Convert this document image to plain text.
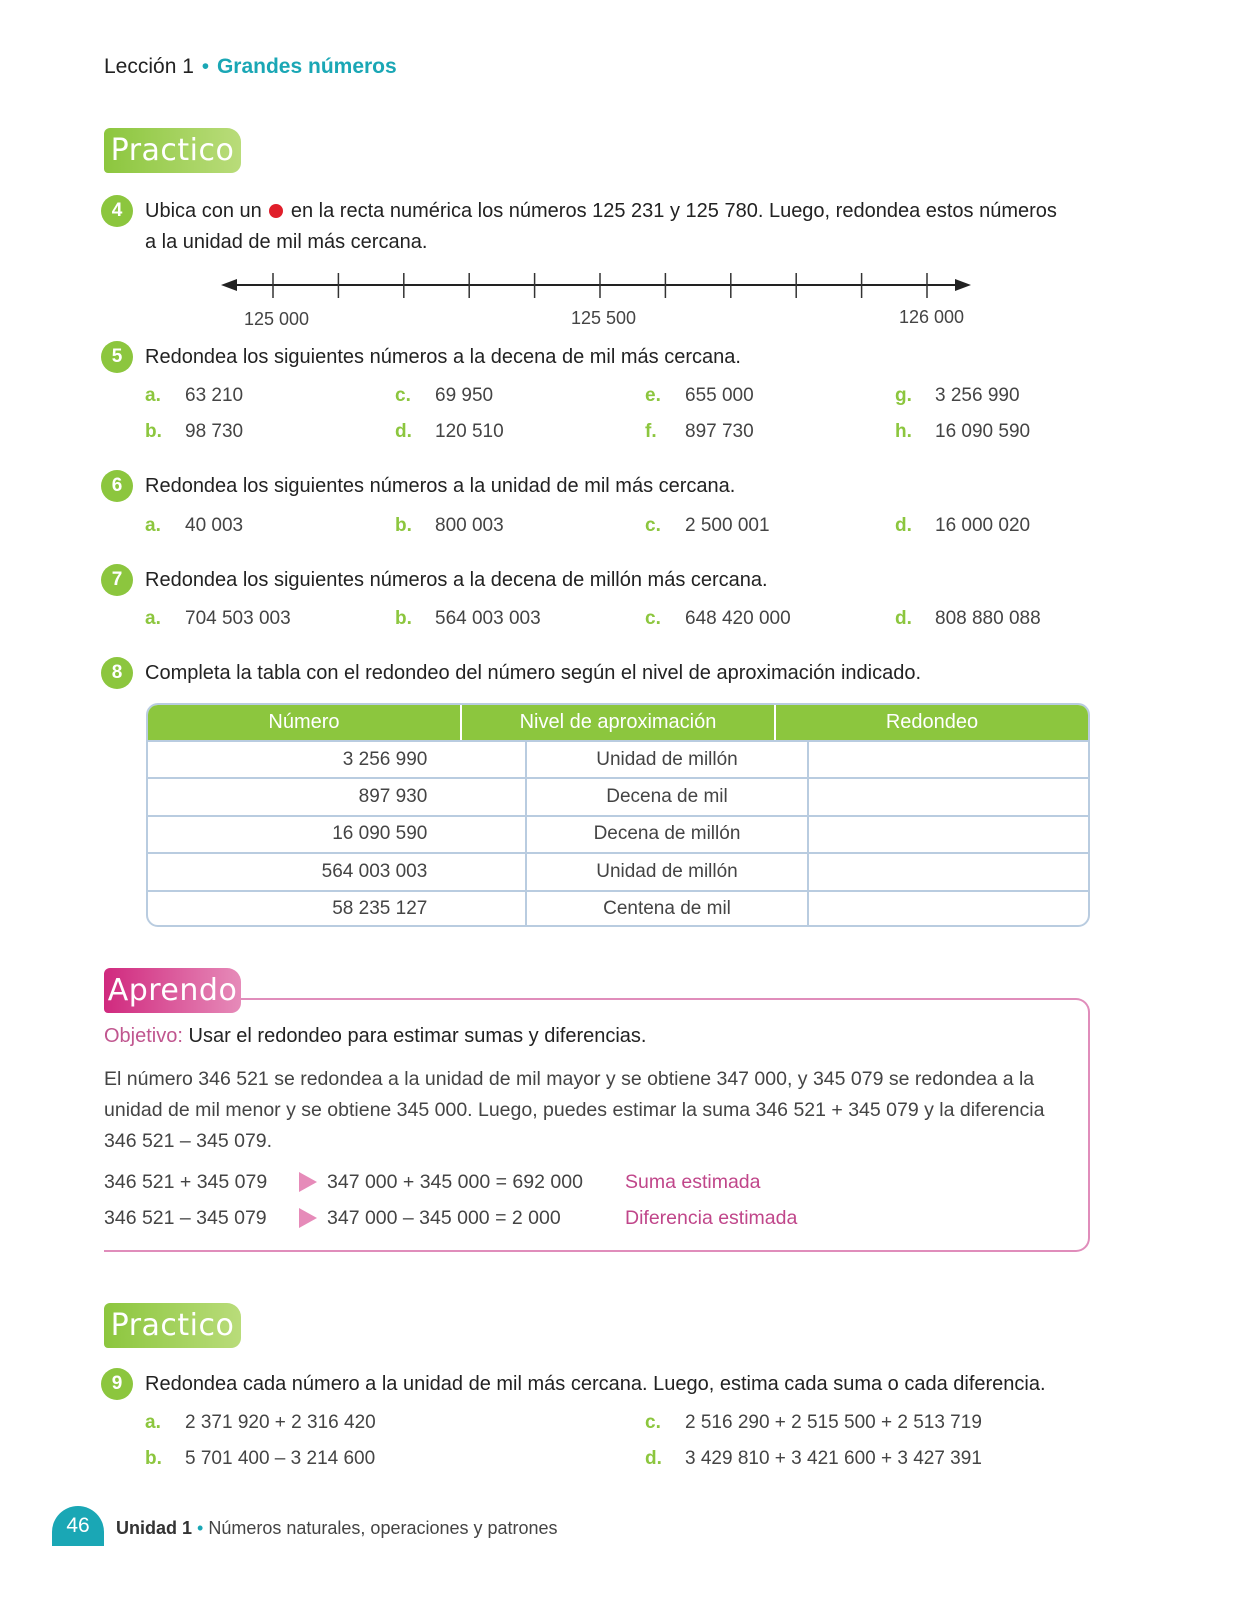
Lección 1 • Grandes números
Practico
4	Ubica con un en la recta numérica los números 125 231 y 125 780. Luego, redondea estos números
a la unidad de mil más cercana.
125 000	125 500	126 000
5	Redondea los siguientes números a la decena de mil más cercana.
a. 63 210	c. 69 950	e. 655 000	g. 3 256 990
b. 98 730	d. 120 510	f. 897 730	h. 16 090 590
6	Redondea los siguientes números a la unidad de mil más cercana.
a. 40 003	b. 800 003	c. 2 500 001	d. 16 000 020
7	Redondea los siguientes números a la decena de millón más cercana.
a. 704 503 003	b. 564 003 003	c. 648 420 000	d. 808 880 088
8	Completa la tabla con el redondeo del número según el nivel de aproximación indicado.
Número	Nivel de aproximación	Redondeo
3 256 990	Unidad de millón
897 930	Decena de mil
16 090 590	Decena de millón
564 003 003	Unidad de millón
58 235 127	Centena de mil
Aprendo
Objetivo: Usar el redondeo para estimar sumas y diferencias.
El número 346 521 se redondea a la unidad de mil mayor y se obtiene 347 000, y 345 079 se redondea a la unidad de mil menor y se obtiene 345 000. Luego, puedes estimar la suma 346 521 + 345 079 y la diferencia 346 521 – 345 079.
346 521 + 345 079	347 000 + 345 000 = 692 000 Suma estimada
346 521 – 345 079	347 000 – 345 000 = 2 000	Diferencia estimada
Practico
9	Redondea cada número a la unidad de mil más cercana. Luego, estima cada suma o cada diferencia.
a. 2 371 920 + 2 316 420	c. 2 516 290 + 2 515 500 + 2 513 719
b. 5 701 400 – 3 214 600	d. 3 429 810 + 3 421 600 + 3 427 391
46	Unidad 1 • Números naturales, operaciones y patrones
